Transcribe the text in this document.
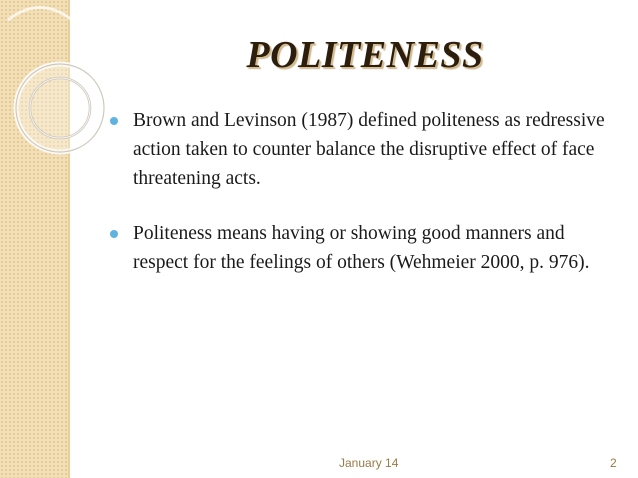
POLITENESS
Brown and Levinson (1987) defined politeness as redressive action taken to counter balance the disruptive effect of face threatening acts.
Politeness means having or showing good manners and respect for the feelings of others (Wehmeier 2000, p. 976).
January 14	2
